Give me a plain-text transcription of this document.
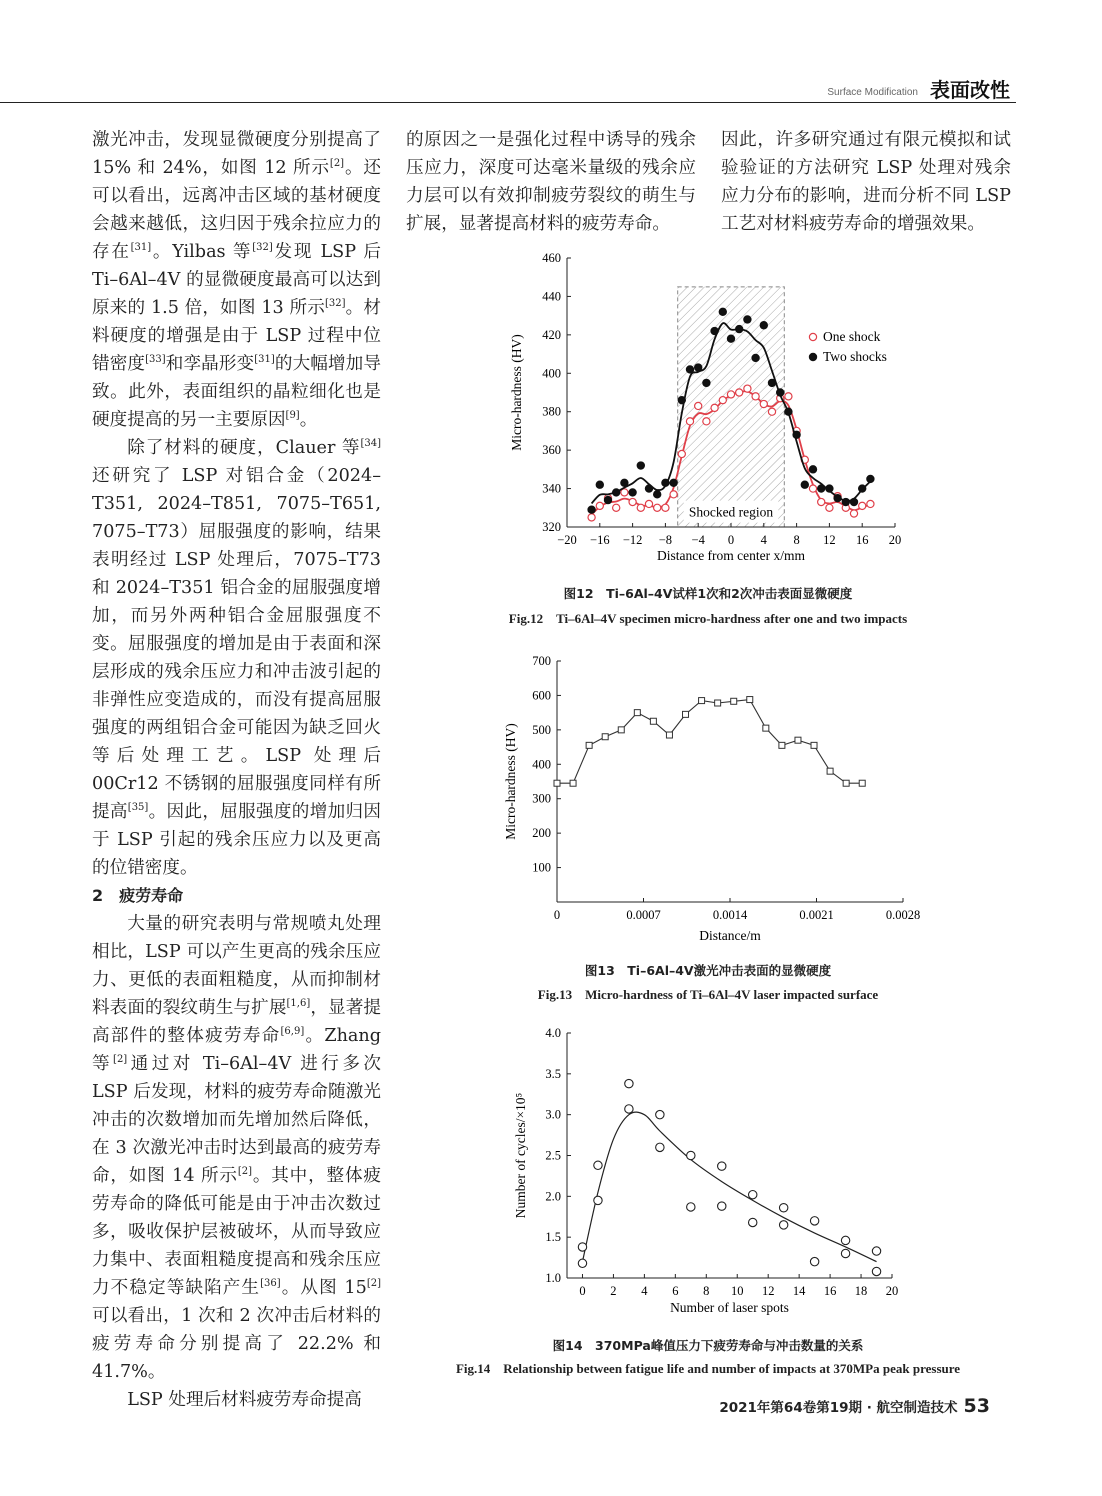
Surface Modification 表面改性

激光冲击，发现显微硬度分别提高了 15% 和 24%，如图 12 所示[2]。还可以看出，远离冲击区域的基材硬度会越来越低，这归因于残余拉应力的存在[31]。Yilbas 等[32]发现 LSP 后 Ti–6Al–4V 的显微硬度最高可以达到原来的 1.5 倍，如图 13 所示[32]。材料硬度的增强是由于 LSP 过程中位错密度[33]和孪晶形变[31]的大幅增加导致。此外，表面组织的晶粒细化也是硬度提高的另一主要原因[9]。

除了材料的硬度，Clauer 等[34]还研究了 LSP 对铝合金（2024–T351, 2024–T851, 7075–T651, 7075–T73）屈服强度的影响，结果表明经过 LSP 处理后，7075–T73 和 2024–T351 铝合金的屈服强度增加，而另外两种铝合金屈服强度不变。屈服强度的增加是由于表面和深层形成的残余压应力和冲击波引起的非弹性应变造成的，而没有提高屈服强度的两组铝合金可能因为缺乏回火等后处理工艺。LSP 处理后 00Cr12 不锈钢的屈服强度同样有所提高[35]。因此，屈服强度的增加归因于 LSP 引起的残余压应力以及更高的位错密度。

2　疲劳寿命

大量的研究表明与常规喷丸处理相比，LSP 可以产生更高的残余压应力、更低的表面粗糙度，从而抑制材料表面的裂纹萌生与扩展[1,6]，显著提高部件的整体疲劳寿命[6,9]。Zhang 等[2]通过对 Ti–6Al–4V 进行多次 LSP 后发现，材料的疲劳寿命随激光冲击的次数增加而先增加然后降低，在 3 次激光冲击时达到最高的疲劳寿命，如图 14 所示[2]。其中，整体疲劳寿命的降低可能是由于冲击次数过多，吸收保护层被破坏，从而导致应力集中、表面粗糙度提高和残余压应力不稳定等缺陷产生[36]。从图 15[2]可以看出，1 次和 2 次冲击后材料的疲劳寿命分别提高了 22.2% 和 41.7%。

LSP 处理后材料疲劳寿命提高

的原因之一是强化过程中诱导的残余压应力，深度可达毫米量级的残余应力层可以有效抑制疲劳裂纹的萌生与扩展，显著提高材料的疲劳寿命。

因此，许多研究通过有限元模拟和试验验证的方法研究 LSP 处理对残余应力分布的影响，进而分析不同 LSP 工艺对材料疲劳寿命的增强效果。

320
340
360
380
400
420
440
460
−20 −16 −12 −8 −4 0 4 8 12 16 20
Distance from center x/mm
Micro-hardness (HV)	One shock
Two shocks
Shocked region
图12　Ti–6Al–4V试样1次和2次冲击表面显微硬度
Fig.12　Ti–6Al–4V specimen micro-hardness after one and two impacts
100
200
300
400
500
600
700
0	0.0007	0.0014	0.0021	0.0028
Distance/m
Micro-hardness (HV)
图13　Ti–6Al–4V激光冲击表面的显微硬度
Fig.13　Micro-hardness of Ti–6Al–4V laser impacted surface
1.0
1.5
2.0
2.5
3.0
3.5
4.0
0 2 4 6 8 10 12 14 16 18 20
Number of laser spots
Number of cycles/×10⁵
图14　370MPa峰值压力下疲劳寿命与冲击数量的关系
Fig.14　Relationship between fatigue life and number of impacts at 370MPa peak pressure
2021年第64卷第19期 · 航空制造技术 53
